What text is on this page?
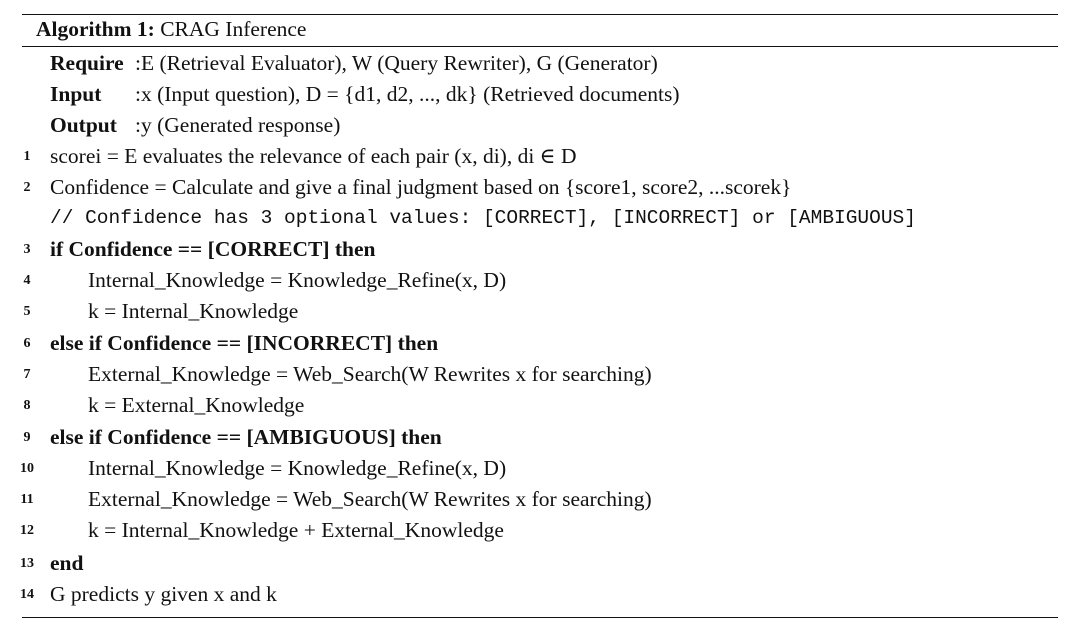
Algorithm 1: CRAG Inference
Require :E (Retrieval Evaluator), W (Query Rewriter), G (Generator)
Input :x (Input question), D = {d1, d2, ..., dk} (Retrieved documents)
Output :y (Generated response)
1 scorei = E evaluates the relevance of each pair (x, di), di ∈ D
2 Confidence = Calculate and give a final judgment based on {score1, score2, ...scorek}
// Confidence has 3 optional values: [CORRECT], [INCORRECT] or [AMBIGUOUS]
3 if Confidence == [CORRECT] then
4	Internal_Knowledge = Knowledge_Refine(x, D)
5	k = Internal_Knowledge
6 else if Confidence == [INCORRECT] then
7	External_Knowledge = Web_Search(W Rewrites x for searching)
8	k = External_Knowledge
9 else if Confidence == [AMBIGUOUS] then
10	Internal_Knowledge = Knowledge_Refine(x, D)
11	External_Knowledge = Web_Search(W Rewrites x for searching)
12	k = Internal_Knowledge + External_Knowledge
13 end
14 G predicts y given x and k
